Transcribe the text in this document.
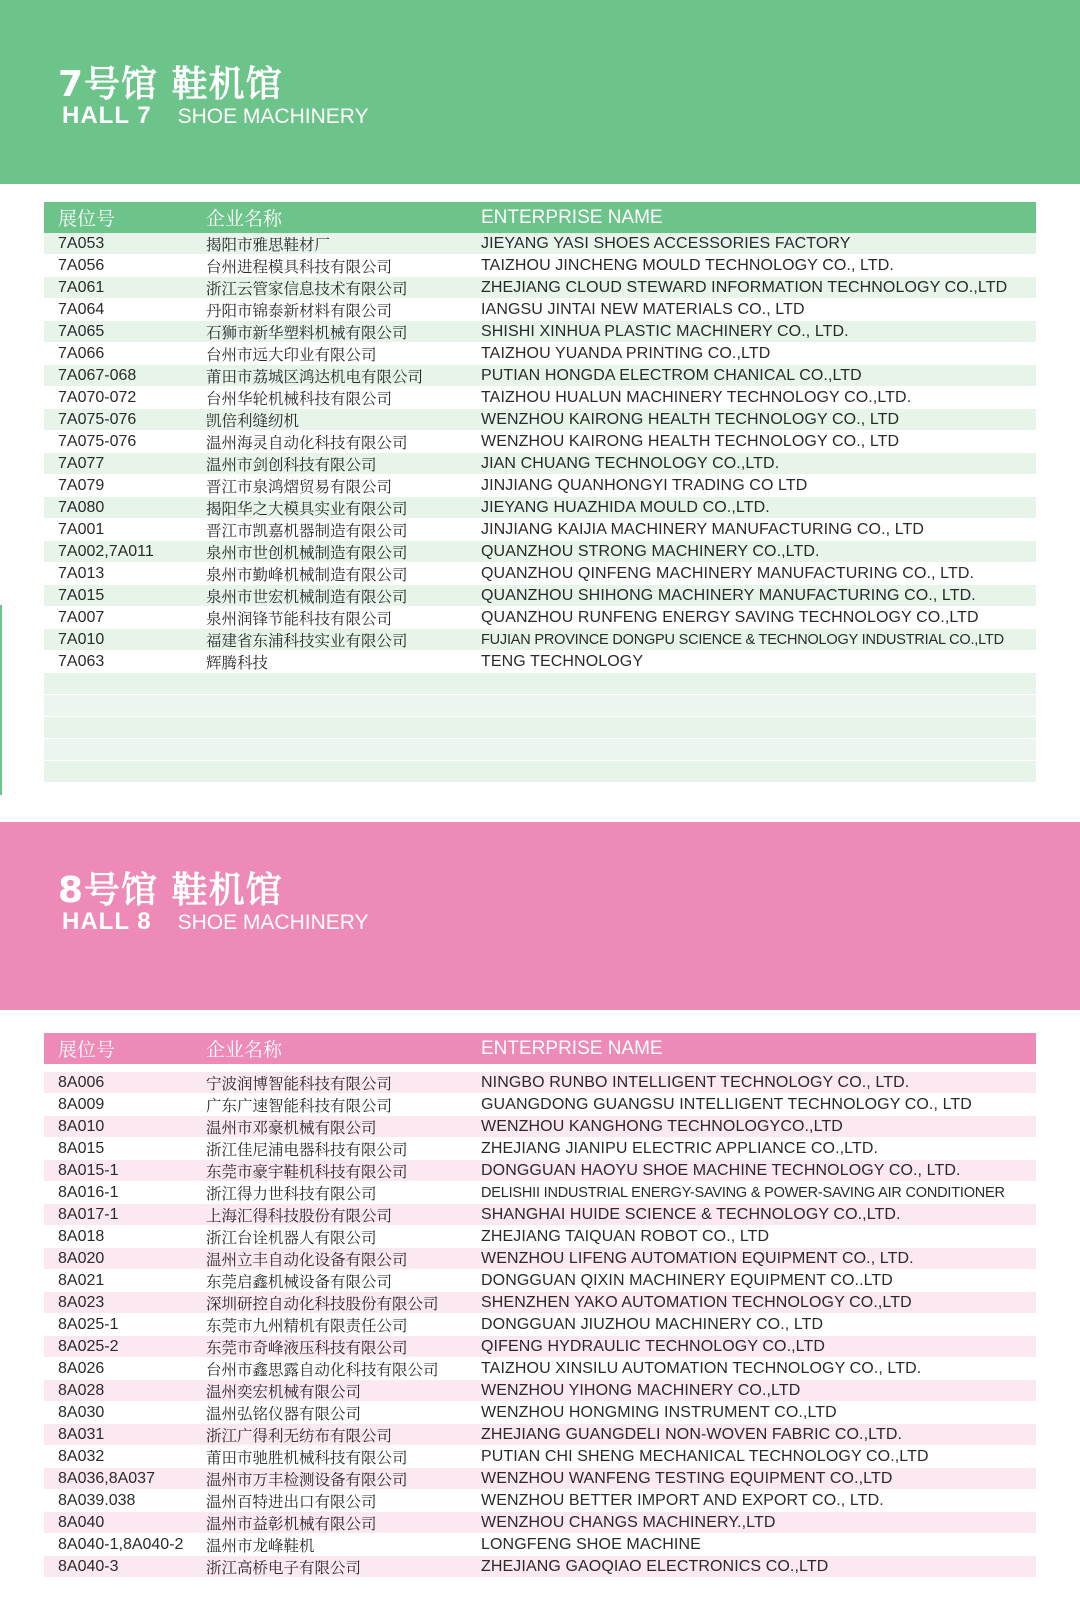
7号馆 鞋机馆
HALL 7 SHOE MACHINERY
展位号	企业名称	ENTERPRISE NAME
7A053	揭阳市雅思鞋材厂	JIEYANG YASI SHOES ACCESSORIES FACTORY
7A056	台州进程模具科技有限公司	TAIZHOU JINCHENG MOULD TECHNOLOGY CO., LTD.
7A061	浙江云管家信息技术有限公司	ZHEJIANG CLOUD STEWARD INFORMATION TECHNOLOGY CO.,LTD
7A064	丹阳市锦泰新材料有限公司	IANGSU JINTAI NEW MATERIALS CO., LTD
7A065	石狮市新华塑料机械有限公司	SHISHI XINHUA PLASTIC MACHINERY CO., LTD.
7A066	台州市远大印业有限公司	TAIZHOU YUANDA PRINTING CO.,LTD
7A067-068	莆田市荔城区鸿达机电有限公司	PUTIAN HONGDA ELECTROM CHANICAL CO.,LTD
7A070-072	台州华轮机械科技有限公司	TAIZHOU HUALUN MACHINERY TECHNOLOGY CO.,LTD.
7A075-076	凯倍利缝纫机	WENZHOU KAIRONG HEALTH TECHNOLOGY CO., LTD
7A075-076	温州海灵自动化科技有限公司	WENZHOU KAIRONG HEALTH TECHNOLOGY CO., LTD
7A077	温州市剑创科技有限公司	JIAN CHUANG TECHNOLOGY CO.,LTD.
7A079	晋江市泉鸿熠贸易有限公司	JINJIANG QUANHONGYI TRADING CO LTD
7A080	揭阳华之大模具实业有限公司	JIEYANG HUAZHIDA MOULD CO.,LTD.
7A001	晋江市凯嘉机器制造有限公司	JINJIANG KAIJIA MACHINERY MANUFACTURING CO., LTD
7A002,7A011	泉州市世创机械制造有限公司	QUANZHOU STRONG MACHINERY CO.,LTD.
7A013	泉州市勤峰机械制造有限公司	QUANZHOU QINFENG MACHINERY MANUFACTURING CO., LTD.
7A015	泉州市世宏机械制造有限公司	QUANZHOU SHIHONG MACHINERY MANUFACTURING CO., LTD.
7A007	泉州润锋节能科技有限公司	QUANZHOU RUNFENG ENERGY SAVING TECHNOLOGY CO.,LTD
7A010	福建省东浦科技实业有限公司	FUJIAN PROVINCE DONGPU SCIENCE & TECHNOLOGY INDUSTRIAL CO.,LTD
7A063	辉腾科技	TENG TECHNOLOGY
8号馆 鞋机馆
HALL 8 SHOE MACHINERY
展位号	企业名称	ENTERPRISE NAME
8A006	宁波润博智能科技有限公司	NINGBO RUNBO INTELLIGENT TECHNOLOGY CO., LTD.
8A009	广东广速智能科技有限公司	GUANGDONG GUANGSU INTELLIGENT TECHNOLOGY CO., LTD
8A010	温州市邓豪机械有限公司	WENZHOU KANGHONG TECHNOLOGYCO.,LTD
8A015	浙江佳尼浦电器科技有限公司	ZHEJIANG JIANIPU ELECTRIC APPLIANCE CO.,LTD.
8A015-1	东莞市豪宇鞋机科技有限公司	DONGGUAN HAOYU SHOE MACHINE TECHNOLOGY CO., LTD.
8A016-1	浙江得力世科技有限公司	DELISHII INDUSTRIAL ENERGY-SAVING & POWER-SAVING AIR CONDITIONER
8A017-1	上海汇得科技股份有限公司	SHANGHAI HUIDE SCIENCE & TECHNOLOGY CO.,LTD.
8A018	浙江台诠机器人有限公司	ZHEJIANG TAIQUAN ROBOT CO., LTD
8A020	温州立丰自动化设备有限公司	WENZHOU LIFENG AUTOMATION EQUIPMENT CO., LTD.
8A021	东莞启鑫机械设备有限公司	DONGGUAN QIXIN MACHINERY EQUIPMENT CO..LTD
8A023	深圳研控自动化科技股份有限公司	SHENZHEN YAKO AUTOMATION TECHNOLOGY CO.,LTD
8A025-1	东莞市九州精机有限责任公司	DONGGUAN JIUZHOU MACHINERY CO., LTD
8A025-2	东莞市奇峰液压科技有限公司	QIFENG HYDRAULIC TECHNOLOGY CO.,LTD
8A026	台州市鑫思露自动化科技有限公司	TAIZHOU XINSILU AUTOMATION TECHNOLOGY CO., LTD.
8A028	温州奕宏机械有限公司	WENZHOU YIHONG MACHINERY CO.,LTD
8A030	温州弘铭仪器有限公司	WENZHOU HONGMING INSTRUMENT CO.,LTD
8A031	浙江广得利无纺布有限公司	ZHEJIANG GUANGDELI NON-WOVEN FABRIC CO.,LTD.
8A032	莆田市驰胜机械科技有限公司	PUTIAN CHI SHENG MECHANICAL TECHNOLOGY CO.,LTD
8A036,8A037	温州市万丰检测设备有限公司	WENZHOU WANFENG TESTING EQUIPMENT CO.,LTD
8A039.038	温州百特进出口有限公司	WENZHOU BETTER IMPORT AND EXPORT CO., LTD.
8A040	温州市益彰机械有限公司	WENZHOU CHANGS MACHINERY.,LTD
8A040-1,8A040-2	温州市龙峰鞋机	LONGFENG SHOE MACHINE
8A040-3	浙江高桥电子有限公司	ZHEJIANG GAOQIAO ELECTRONICS CO.,LTD
